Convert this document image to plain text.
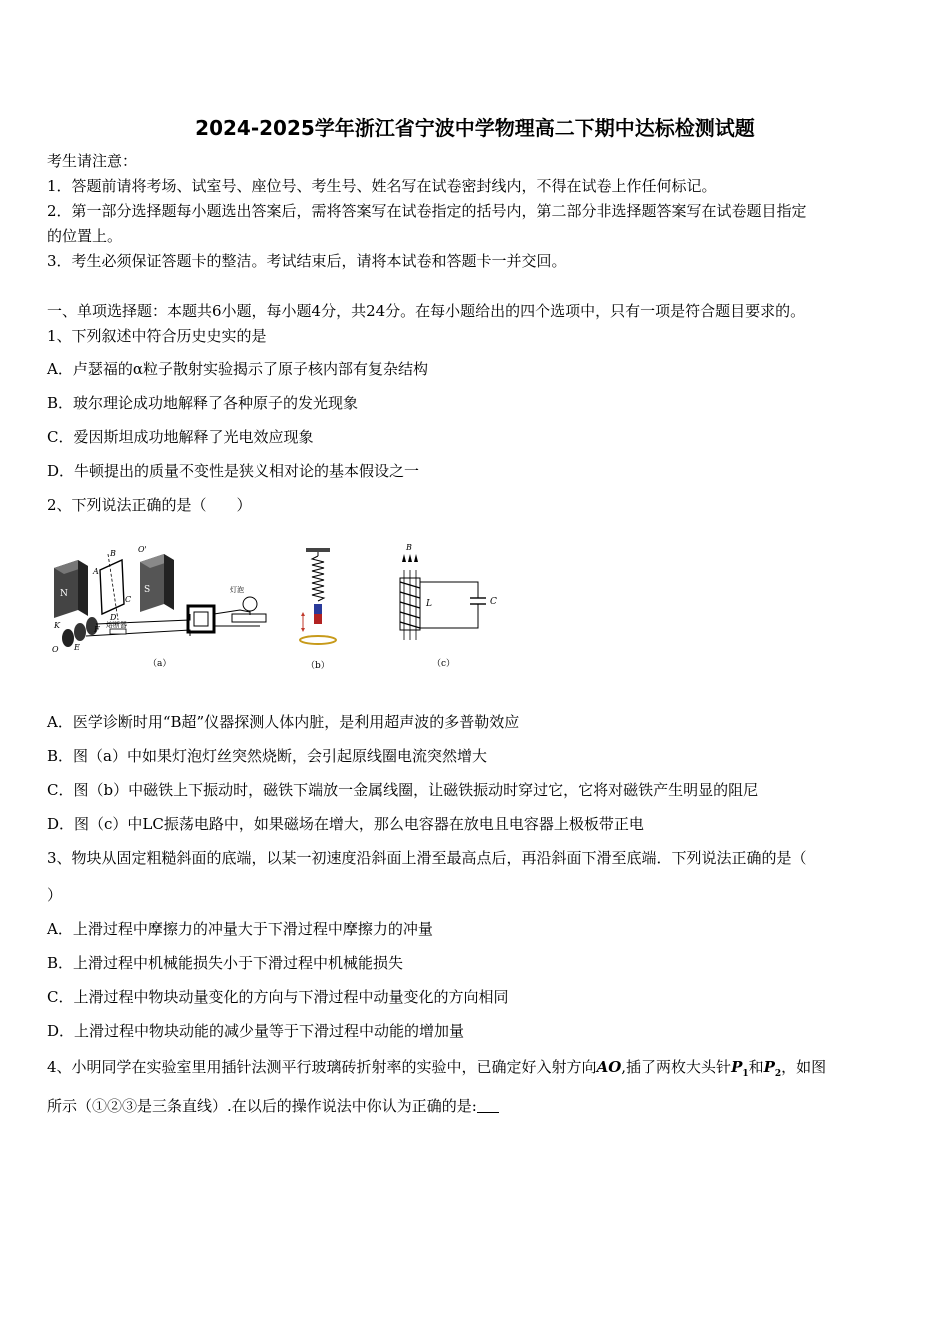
2024-2025学年浙江省宁波中学物理高二下期中达标检测试题
考生请注意：
1．答题前请将考场、试室号、座位号、考生号、姓名写在试卷密封线内，不得在试卷上作任何标记。
2．第一部分选择题每小题选出答案后，需将答案写在试卷指定的括号内，第二部分非选择题答案写在试卷题目指定
的位置上。
3．考生必须保证答题卡的整洁。考试结束后，请将本试卷和答题卡一并交回。
一、单项选择题：本题共6小题，每小题4分，共24分。在每小题给出的四个选项中，只有一项是符合题目要求的。
1、下列叙述中符合历史史实的是
A．卢瑟福的α粒子散射实验揭示了原子核内部有复杂结构
B．玻尔理论成功地解释了各种原子的发光现象
C．爱因斯坦成功地解释了光电效应现象
D．牛顿提出的质量不变性是狭义相对论的基本假设之一
2、下列说法正确的是（　　）
N	S
B
A
C
D
O'
K
O E
F 熔断器
灯泡
（a）	（b）
B
L	C
（c）
A．医学诊断时用“B超”仪器探测人体内脏，是利用超声波的多普勒效应
B．图（a）中如果灯泡灯丝突然烧断，会引起原线圈电流突然增大
C．图（b）中磁铁上下振动时，磁铁下端放一金属线圈，让磁铁振动时穿过它，它将对磁铁产生明显的阻尼
D．图（c）中LC振荡电路中，如果磁场在增大，那么电容器在放电且电容器上极板带正电
3、物块从固定粗糙斜面的底端，以某一初速度沿斜面上滑至最高点后，再沿斜面下滑至底端．下列说法正确的是（
）
A．上滑过程中摩擦力的冲量大于下滑过程中摩擦力的冲量
B．上滑过程中机械能损失小于下滑过程中机械能损失
C．上滑过程中物块动量变化的方向与下滑过程中动量变化的方向相同
D．上滑过程中物块动能的减少量等于下滑过程中动能的增加量
4、小明同学在实验室里用插针法测平行玻璃砖折射率的实验中，已确定好入射方向AO,插了两枚大头针$P_1$和$P_2$，如图
所示（①②③是三条直线）.在以后的操作说法中你认为正确的是:
